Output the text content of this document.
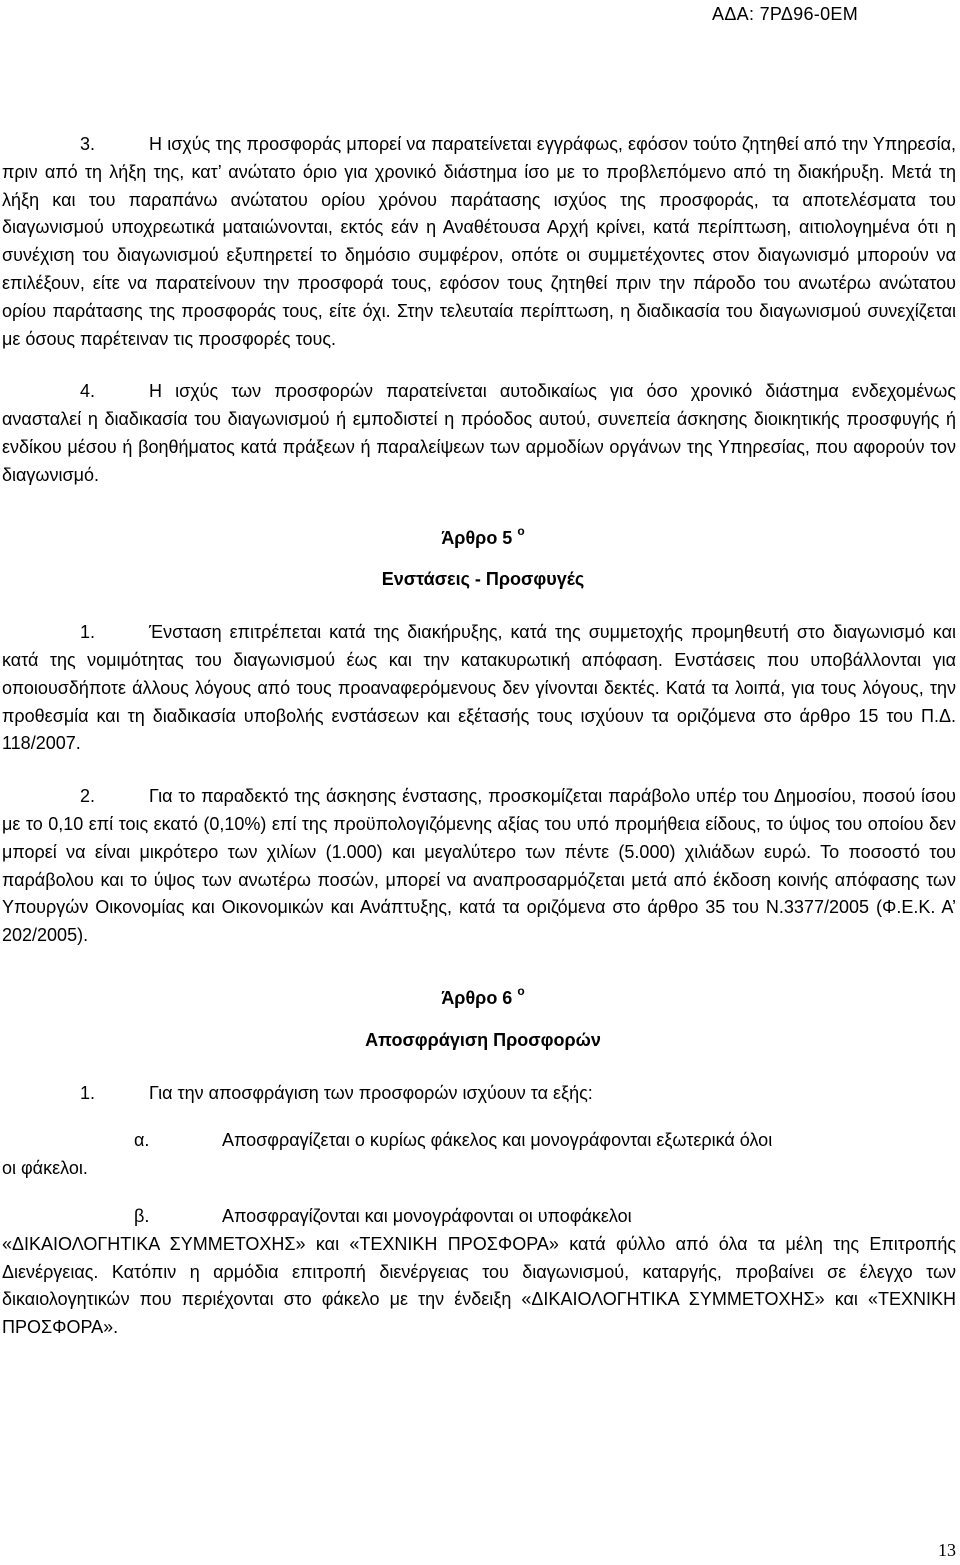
ΑΔΑ: 7ΡΔ96-0ΕΜ

3.   Η ισχύς της προσφοράς μπορεί να παρατείνεται εγγράφως, εφόσον τούτο ζητηθεί από την Υπηρεσία, πριν από τη λήξη της, κατ’ ανώτατο όριο για χρονικό διάστημα ίσο με το προβλεπόμενο από τη διακήρυξη. Μετά τη λήξη και του παραπάνω ανώτατου ορίου χρόνου παράτασης ισχύος της προσφοράς, τα αποτελέσματα του διαγωνισμού υποχρεωτικά ματαιώνονται, εκτός εάν η Αναθέτουσα Αρχή κρίνει, κατά περίπτωση, αιτιολογημένα ότι η συνέχιση του διαγωνισμού εξυπηρετεί το δημόσιο συμφέρον, οπότε οι συμμετέχοντες στον διαγωνισμό μπορούν να επιλέξουν, είτε να παρατείνουν την προσφορά τους, εφόσον τους ζητηθεί πριν την πάροδο του ανωτέρω ανώτατου ορίου παράτασης της προσφοράς τους, είτε όχι. Στην τελευταία περίπτωση, η διαδικασία του διαγωνισμού συνεχίζεται με όσους παρέτειναν τις προσφορές τους.

4.   Η ισχύς των προσφορών παρατείνεται αυτοδικαίως για όσο χρονικό διάστημα ενδεχομένως ανασταλεί η διαδικασία του διαγωνισμού ή εμποδιστεί η πρόοδος αυτού, συνεπεία άσκησης διοικητικής προσφυγής ή ενδίκου μέσου ή βοηθήματος κατά πράξεων ή παραλείψεων των αρμοδίων οργάνων της Υπηρεσίας, που αφορούν τον διαγωνισμό.

Άρθρο 5 $^o$
Ενστάσεις - Προσφυγές

1.   Ένσταση επιτρέπεται κατά της διακήρυξης, κατά της συμμετοχής προμηθευτή στο διαγωνισμό και κατά της νομιμότητας του διαγωνισμού έως και την κατακυρωτική απόφαση. Ενστάσεις που υποβάλλονται για οποιουσδήποτε άλλους λόγους από τους προαναφερόμενους δεν γίνονται δεκτές. Κατά τα λοιπά, για τους λόγους, την προθεσμία και τη διαδικασία υποβολής ενστάσεων και εξέτασής τους ισχύουν τα οριζόμενα στο άρθρο 15 του Π.Δ. 118/2007.

2.   Για το παραδεκτό της άσκησης ένστασης, προσκομίζεται παράβολο υπέρ του Δημοσίου, ποσού ίσου με το 0,10 επί τοις εκατό (0,10%) επί της προϋπολογιζόμενης αξίας του υπό προμήθεια είδους, το ύψος του οποίου δεν μπορεί να είναι μικρότερο των χιλίων (1.000) και μεγαλύτερο των πέντε (5.000) χιλιάδων ευρώ. Το ποσοστό του παράβολου και το ύψος των ανωτέρω ποσών, μπορεί να αναπροσαρμόζεται μετά από έκδοση κοινής απόφασης των Υπουργών Οικονομίας και Οικονομικών και Ανάπτυξης, κατά τα οριζόμενα στο άρθρο 35 του Ν.3377/2005 (Φ.Ε.Κ. Α’ 202/2005).

Άρθρο 6 $^o$
Αποσφράγιση Προσφορών

1.   Για την αποσφράγιση των προσφορών ισχύουν τα εξής:

α.	Αποσφραγίζεται ο κυρίως φάκελος και μονογράφονται εξωτερικά όλοι

οι φάκελοι.

β.	Αποσφραγίζονται και μονογράφονται οι υποφάκελοι

«ΔΙΚΑΙΟΛΟΓΗΤΙΚΑ ΣΥΜΜΕΤΟΧΗΣ» και «ΤΕΧΝΙΚΗ ΠΡΟΣΦΟΡΑ» κατά φύλλο από όλα τα μέλη της Επιτροπής Διενέργειας. Κατόπιν η αρμόδια επιτροπή διενέργειας του διαγωνισμού, καταργής, προβαίνει σε έλεγχο των δικαιολογητικών που περιέχονται στο φάκελο με την ένδειξη «ΔΙΚΑΙΟΛΟΓΗΤΙΚΑ ΣΥΜΜΕΤΟΧΗΣ» και «ΤΕΧΝΙΚΗ ΠΡΟΣΦΟΡΑ».

13
